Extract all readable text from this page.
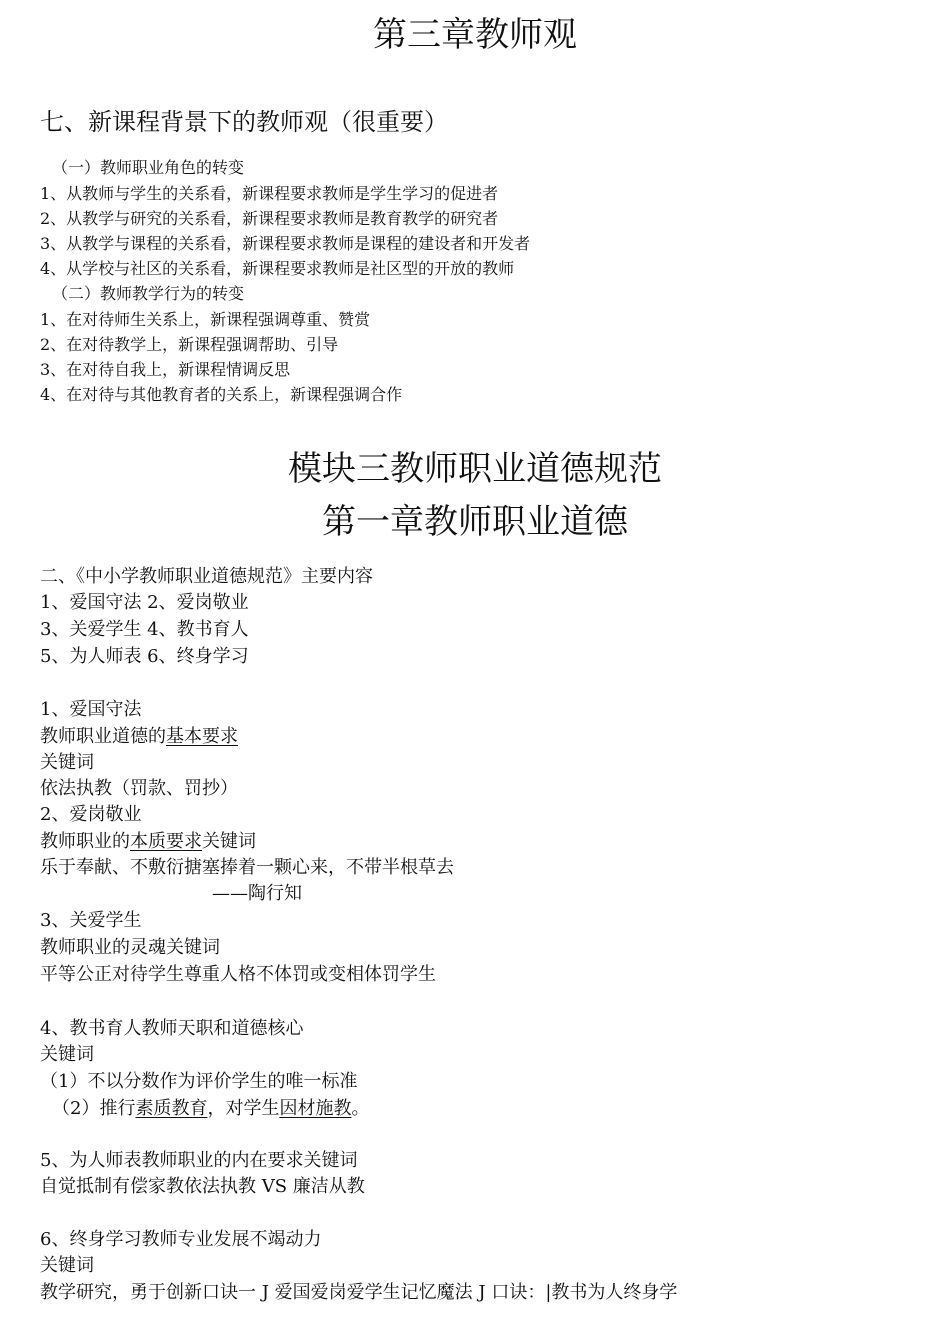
第三章教师观
七、新课程背景下的教师观（很重要）
（一）教师职业角色的转变
1、从教师与学生的关系看，新课程要求教师是学生学习的促进者
2、从教学与研究的关系看，新课程要求教师是教育教学的研究者
3、从教学与课程的关系看，新课程要求教师是课程的建设者和开发者
4、从学校与社区的关系看，新课程要求教师是社区型的开放的教师
（二）教师教学行为的转变
1、在对待师生关系上，新课程强调尊重、赞赏
2、在对待教学上，新课程强调帮助、引导
3、在对待自我上，新课程情调反思
4、在对待与其他教育者的关系上，新课程强调合作
模块三教师职业道德规范
第一章教师职业道德
二、《中小学教师职业道德规范》主要内容
1、爱国守法 2、爱岗敬业
3、关爱学生 4、教书育人
5、为人师表 6、终身学习
1、爱国守法
教师职业道德的基本要求
关键词
依法执教（罚款、罚抄）
2、爱岗敬业
教师职业的本质要求关键词
乐于奉献、不敷衍搪塞捧着一颗心来，不带半根草去
——陶行知
3、关爱学生
教师职业的灵魂关键词
平等公正对待学生尊重人格不体罚或变相体罚学生
4、教书育人教师天职和道德核心
关键词
（1）不以分数作为评价学生的唯一标准
（2）推行素质教育，对学生因材施教。
5、为人师表教师职业的内在要求关键词
自觉抵制有偿家教依法执教 VS 廉洁从教
6、终身学习教师专业发展不竭动力
关键词
教学研究，勇于创新口诀一 J 爱国爱岗爱学生记忆魔法 J 口诀：|教书为人终身学
